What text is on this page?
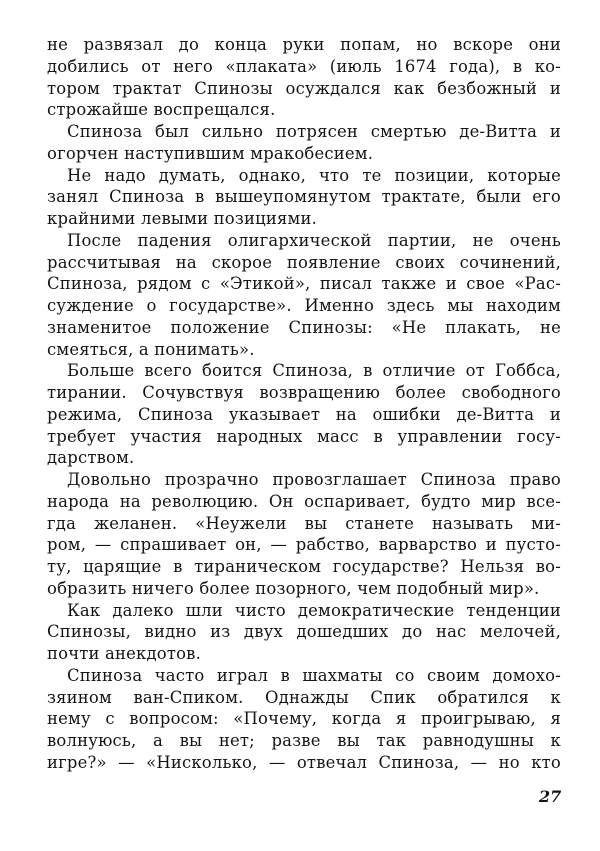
не развязал до конца руки попам, но вскоре они
добились от него «плаката» (июль 1674 года), в ко-
тором трактат Спинозы осуждался как безбожный и
строжайше воспрещался.
Спиноза был сильно потрясен смертью де-Витта и
огорчен наступившим мракобесием.
Не надо думать, однако, что те позиции, которые
занял Спиноза в вышеупомянутом трактате, были его
крайними левыми позициями.
После падения олигархической партии, не очень
рассчитывая на скорое появление своих сочинений,
Спиноза, рядом с «Этикой», писал также и свое «Рас-
суждение о государстве». Именно здесь мы находим
знаменитое положение Спинозы: «Не плакать, не
смеяться, а понимать».
Больше всего боится Спиноза, в отличие от Гоббса,
тирании. Сочувствуя возвращению более свободного
режима, Спиноза указывает на ошибки де-Витта и
требует участия народных масс в управлении госу-
дарством.
Довольно прозрачно провозглашает Спиноза право
народа на революцию. Он оспаривает, будто мир все-
гда желанен. «Неужели вы станете называть ми-
ром, — спрашивает он, — рабство, варварство и пусто-
ту, царящие в тираническом государстве? Нельзя во-
образить ничего более позорного, чем подобный мир».
Как далеко шли чисто демократические тенденции
Спинозы, видно из двух дошедших до нас мелочей,
почти анекдотов.
Спиноза часто играл в шахматы со своим домохо-
зяином ван-Спиком. Однажды Спик обратился к
нему с вопросом: «Почему, когда я проигрываю, я
волнуюсь, а вы нет; разве вы так равнодушны к
игре?» — «Нисколько, — отвечал Спиноза, — но кто
27
